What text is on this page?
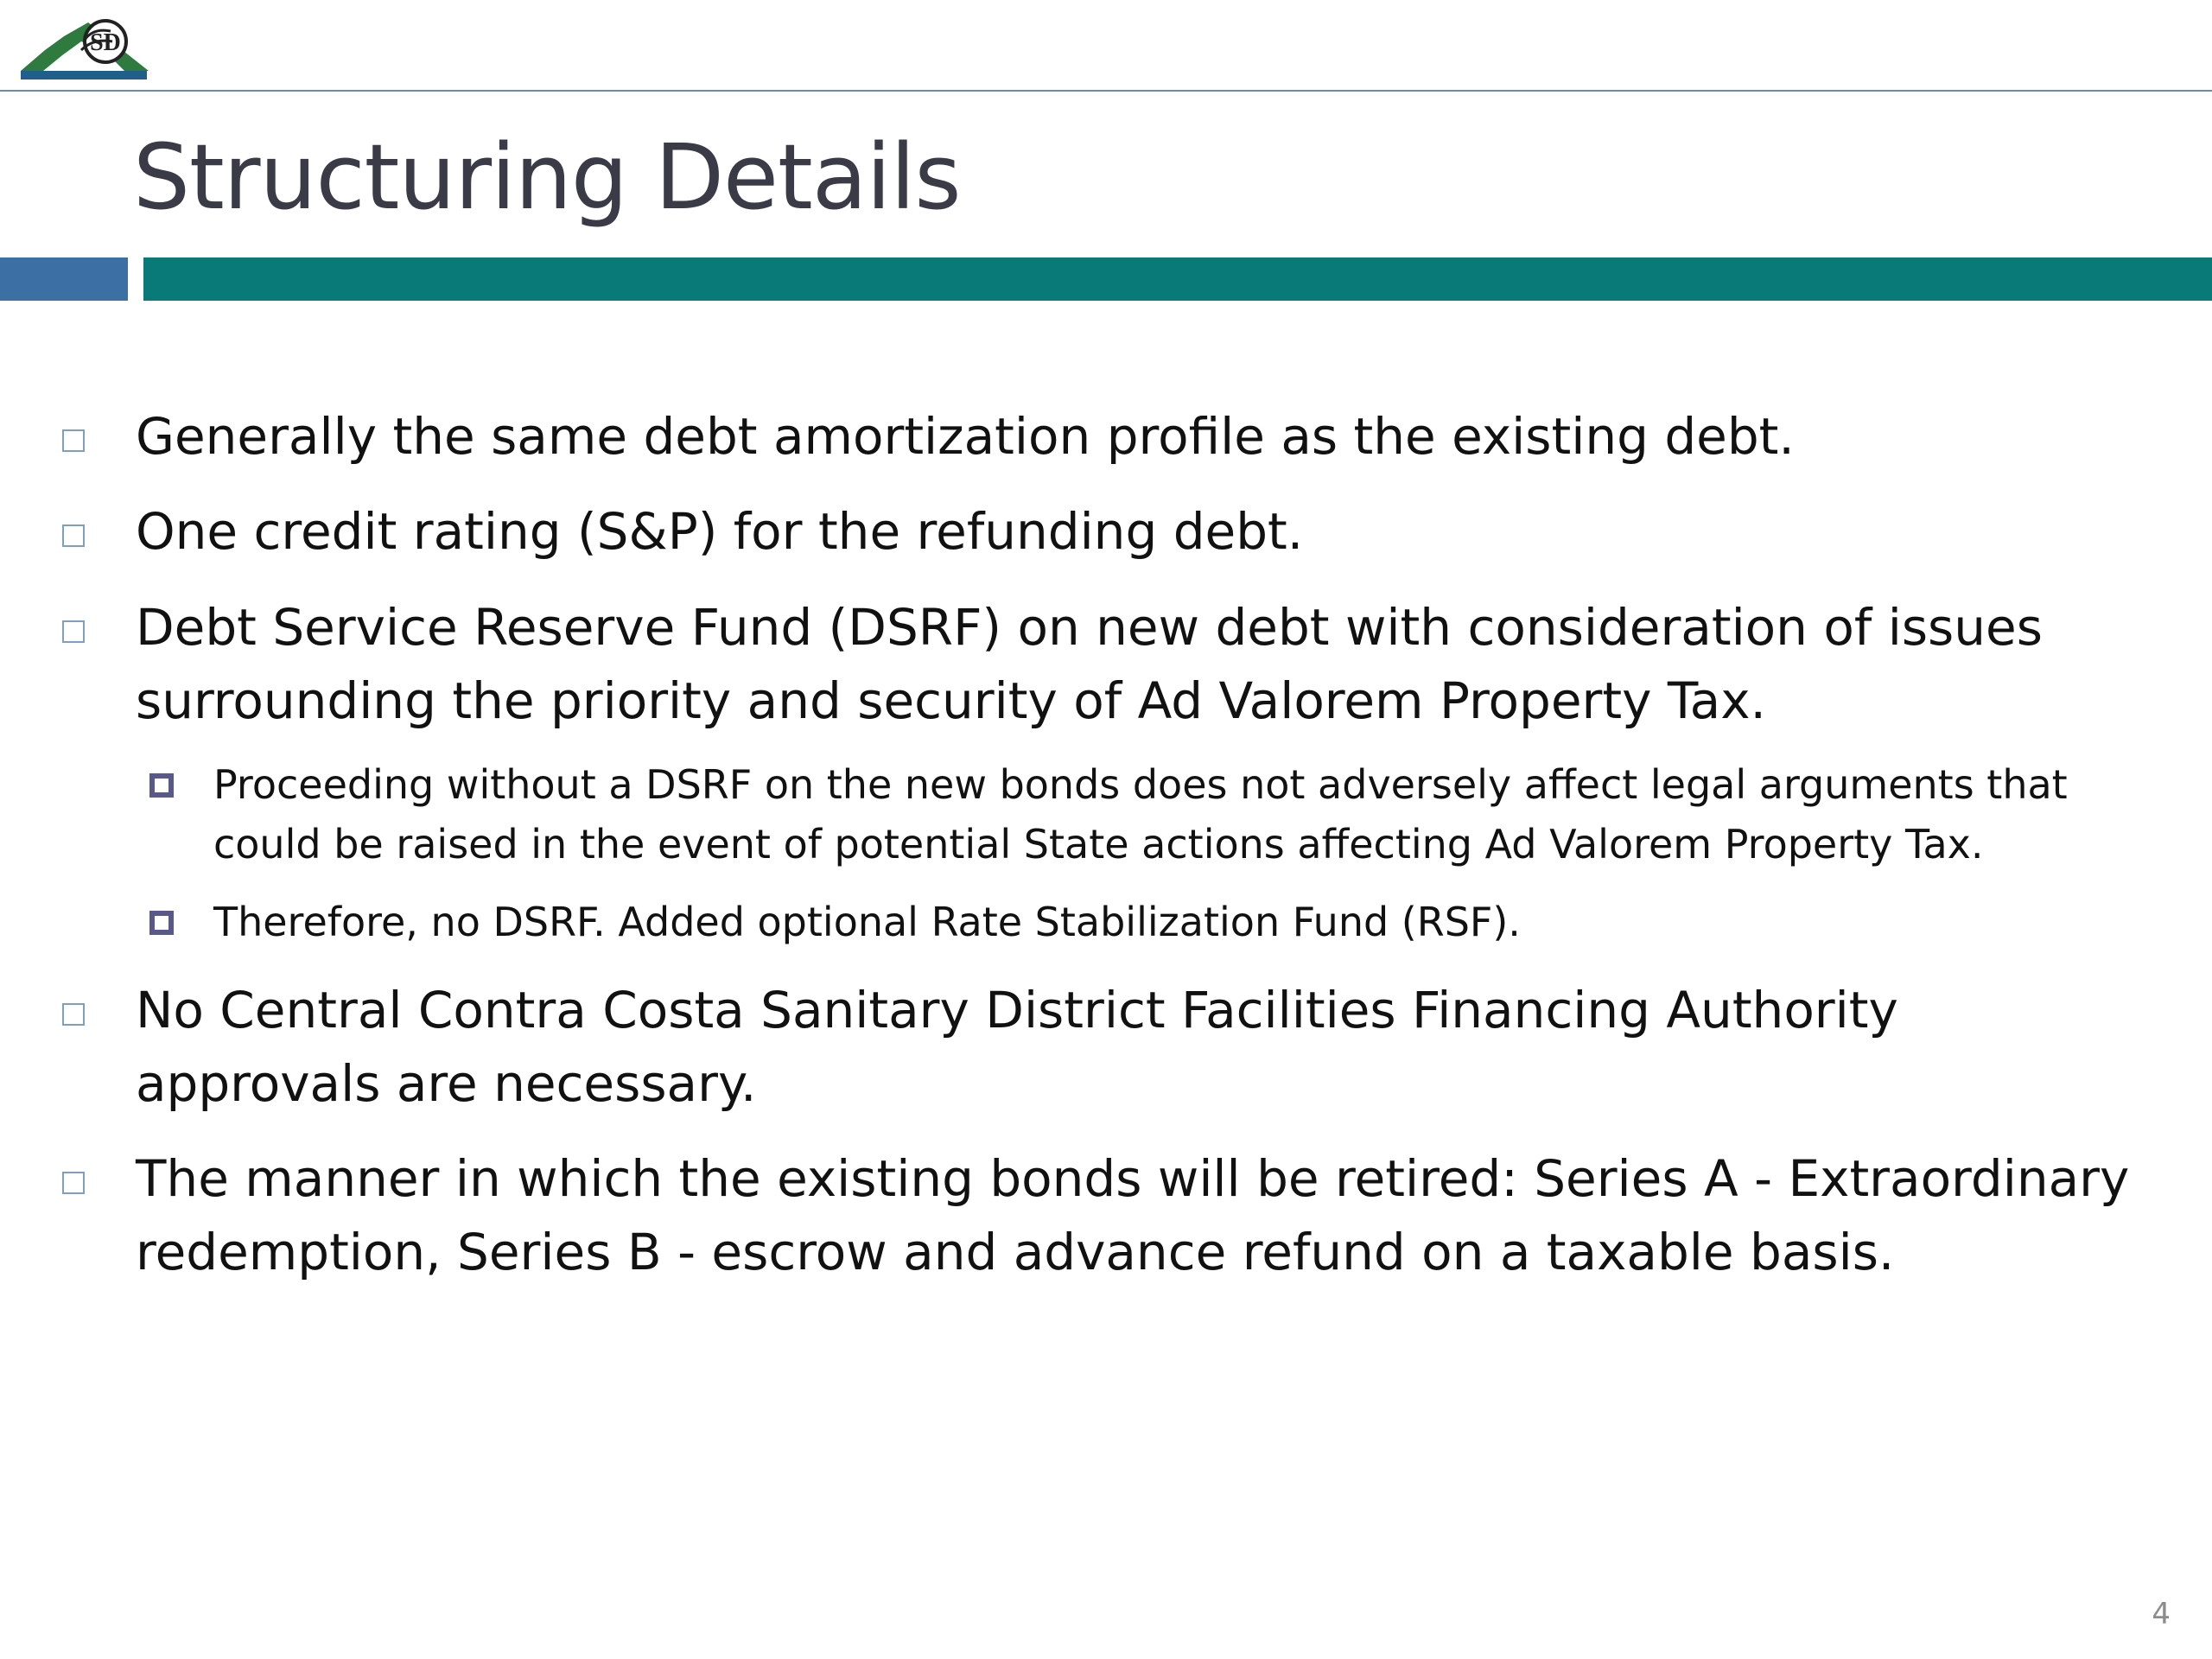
SD
Structuring Details
Generally the same debt amortization profile as the existing debt.
One credit rating (S&P) for the refunding debt.
Debt Service Reserve Fund (DSRF) on new debt with consideration of issues surrounding the priority and security of Ad Valorem Property Tax.
Proceeding without a DSRF on the new bonds does not adversely affect legal arguments that could be raised in the event of potential State actions affecting Ad Valorem Property Tax.
Therefore, no DSRF. Added optional Rate Stabilization Fund (RSF).
No Central Contra Costa Sanitary District Facilities Financing Authority approvals are necessary.
The manner in which the existing bonds will be retired: Series A - Extraordinary redemption, Series B - escrow and advance refund on a taxable basis.
4
